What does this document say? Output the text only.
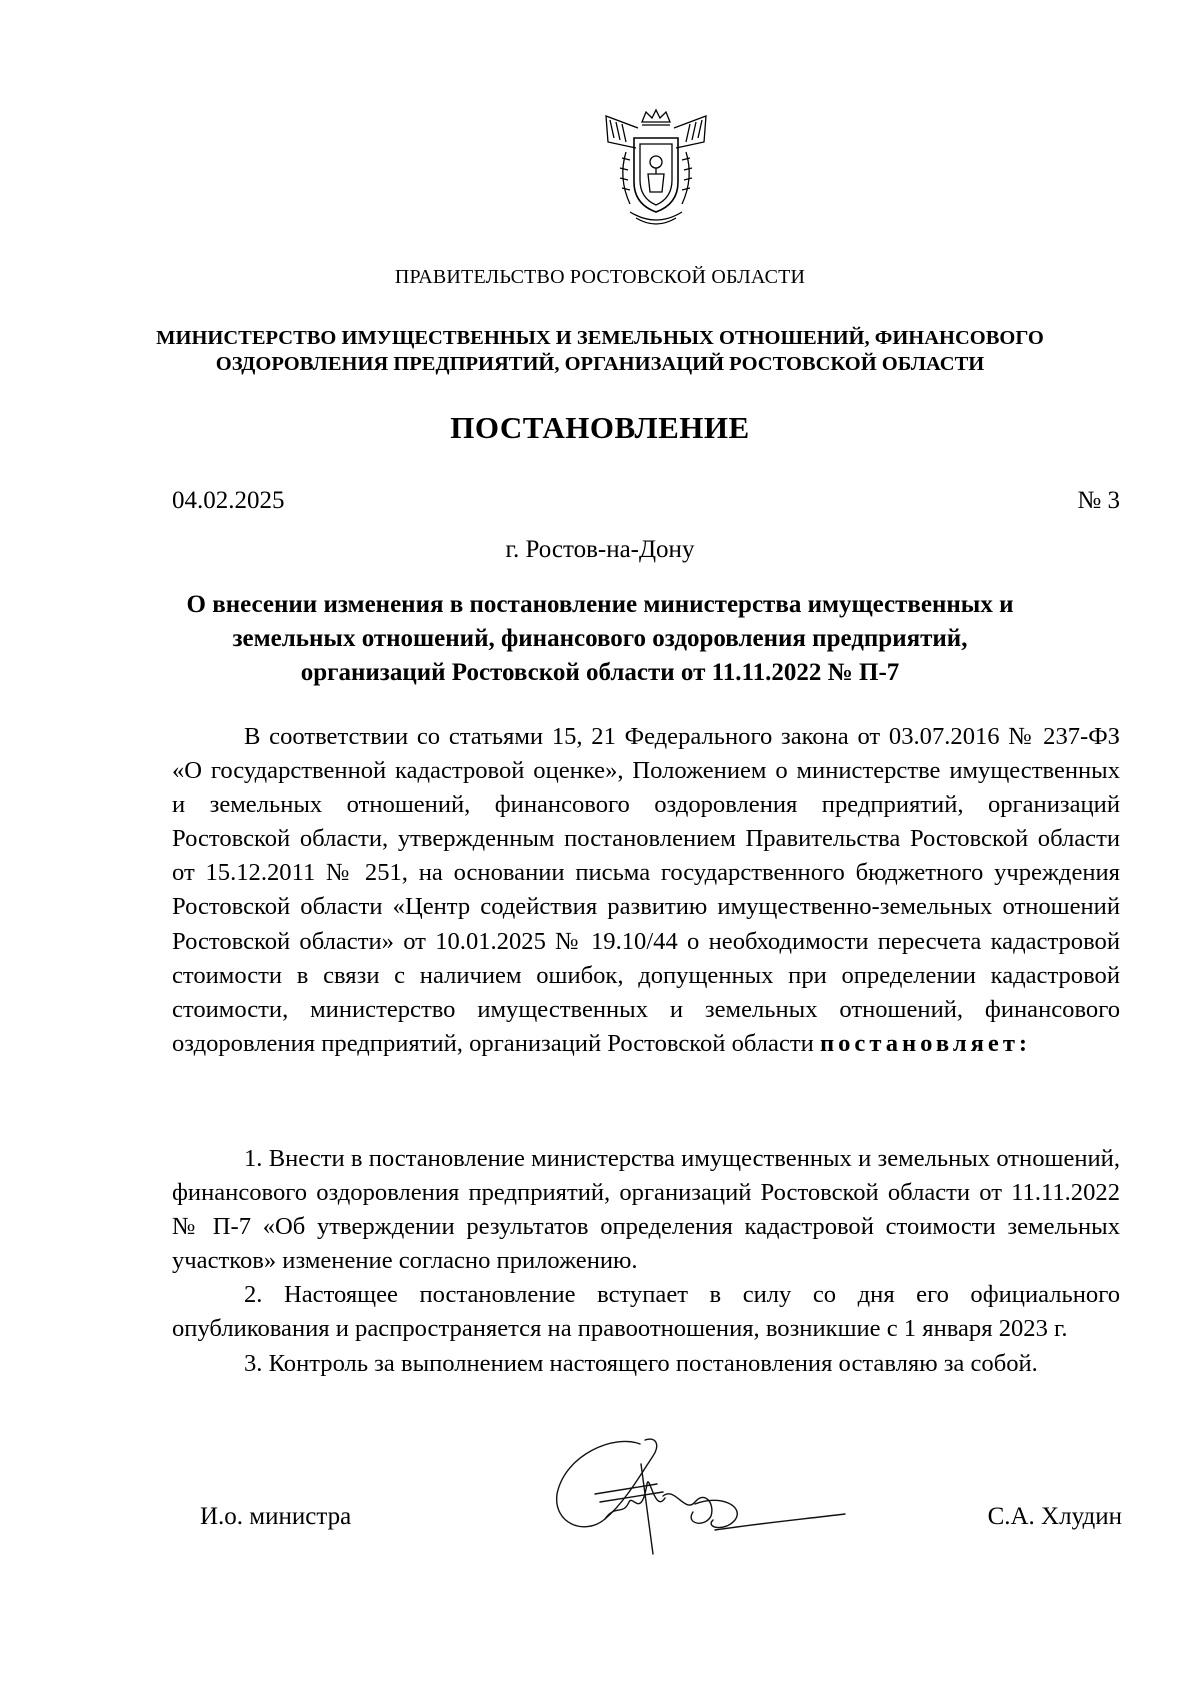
ПРАВИТЕЛЬСТВО РОСТОВСКОЙ ОБЛАСТИ
МИНИСТЕРСТВО ИМУЩЕСТВЕННЫХ И ЗЕМЕЛЬНЫХ ОТНОШЕНИЙ, ФИНАНСОВОГО
ОЗДОРОВЛЕНИЯ ПРЕДПРИЯТИЙ, ОРГАНИЗАЦИЙ РОСТОВСКОЙ ОБЛАСТИ
ПОСТАНОВЛЕНИЕ
04.02.2025	№ 3
г. Ростов-на-Дону
О внесении изменения в постановление министерства имущественных и
земельных отношений, финансового оздоровления предприятий,
организаций Ростовской области от 11.11.2022 № П-7

В соответствии со статьями 15, 21 Федерального закона от 03.07.2016 № 237-ФЗ «О государственной кадастровой оценке», Положением о министерстве имущественных и земельных отношений, финансового оздоровления предприятий, организаций Ростовской области, утвержденным постановлением Правительства Ростовской области от 15.12.2011 № 251, на основании письма государственного бюджетного учреждения Ростовской области «Центр содействия развитию имущественно-земельных отношений Ростовской области» от 10.01.2025 № 19.10/44 о необходимости пересчета кадастровой стоимости в связи с наличием ошибок, допущенных при определении кадастровой стоимости, министерство имущественных и земельных отношений, финансового оздоровления предприятий, организаций Ростовской области постановляет:

1. Внести в постановление министерства имущественных и земельных отношений, финансового оздоровления предприятий, организаций Ростовской области от 11.11.2022 № П-7 «Об утверждении результатов определения кадастровой стоимости земельных участков» изменение согласно приложению.

2. Настоящее постановление вступает в силу со дня его официального опубликования и распространяется на правоотношения, возникшие с 1 января 2023 г.

3. Контроль за выполнением настоящего постановления оставляю за собой.

И.о. министра	С.А. Хлудин
